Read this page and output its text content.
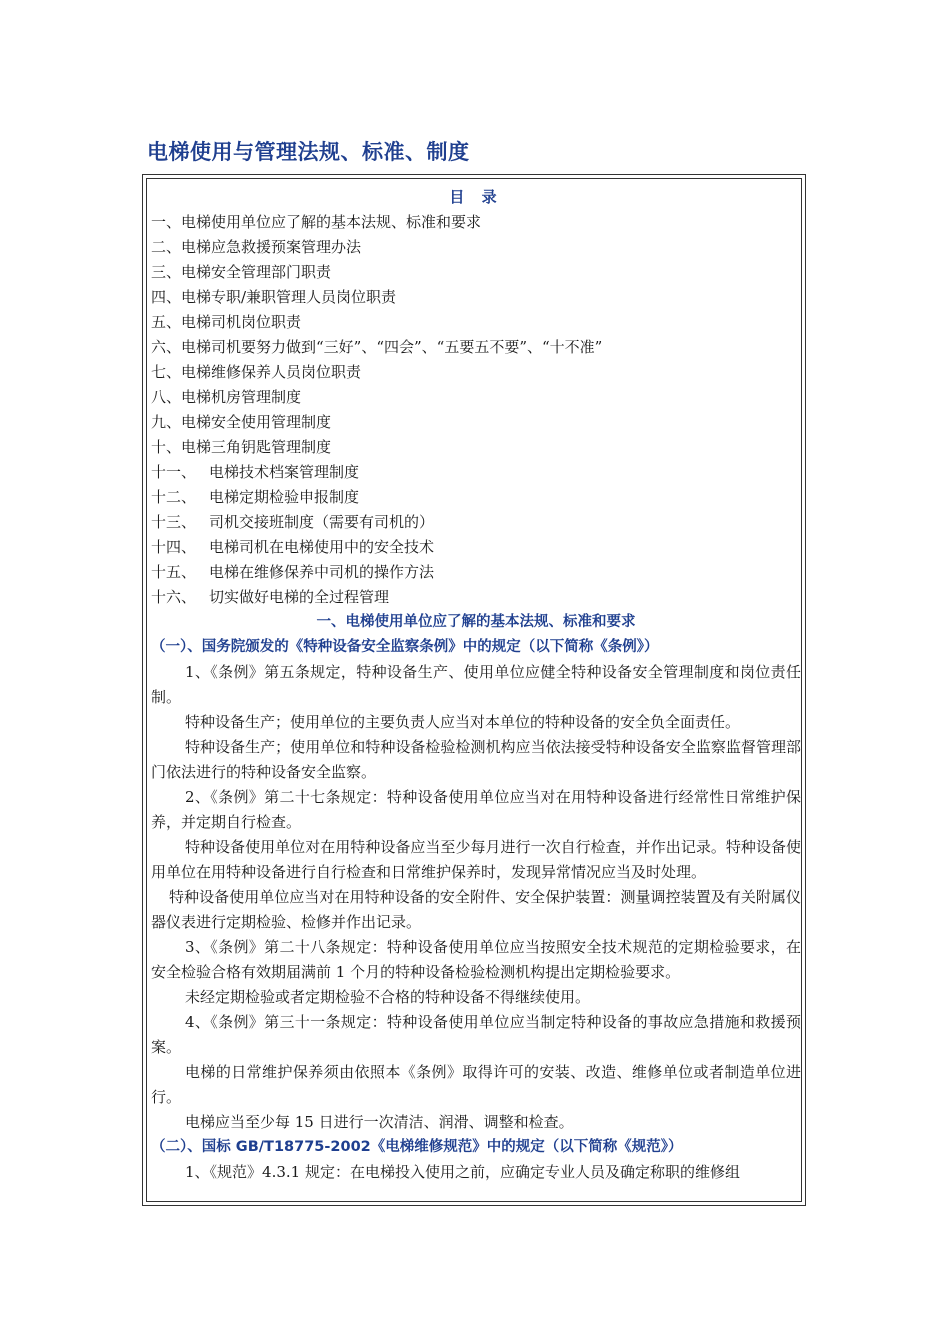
电梯使用与管理法规、标准、制度
目 录
一、电梯使用单位应了解的基本法规、标准和要求
二、电梯应急救援预案管理办法
三、电梯安全管理部门职责
四、电梯专职/兼职管理人员岗位职责
五、电梯司机岗位职责
六、电梯司机要努力做到“三好”、“四会”、“五要五不要”、“十不准”
七、电梯维修保养人员岗位职责
八、电梯机房管理制度
九、电梯安全使用管理制度
十、电梯三角钥匙管理制度
十一、 电梯技术档案管理制度
十二、 电梯定期检验申报制度
十三、 司机交接班制度（需要有司机的）
十四、 电梯司机在电梯使用中的安全技术
十五、 电梯在维修保养中司机的操作方法
十六、 切实做好电梯的全过程管理
一、电梯使用单位应了解的基本法规、标准和要求
（一）、国务院颁发的《特种设备安全监察条例》中的规定（以下简称《条例》）
1、《条例》第五条规定，特种设备生产、使用单位应健全特种设备安全管理制度和岗位责任制。
特种设备生产；使用单位的主要负责人应当对本单位的特种设备的安全负全面责任。
特种设备生产；使用单位和特种设备检验检测机构应当依法接受特种设备安全监察监督管理部门依法进行的特种设备安全监察。
2、《条例》第二十七条规定：特种设备使用单位应当对在用特种设备进行经常性日常维护保养，并定期自行检查。
特种设备使用单位对在用特种设备应当至少每月进行一次自行检查，并作出记录。特种设备使用单位在用特种设备进行自行检查和日常维护保养时，发现异常情况应当及时处理。
特种设备使用单位应当对在用特种设备的安全附件、安全保护装置：测量调控装置及有关附属仪器仪表进行定期检验、检修并作出记录。
3、《条例》第二十八条规定：特种设备使用单位应当按照安全技术规范的定期检验要求，在安全检验合格有效期届满前 1 个月的特种设备检验检测机构提出定期检验要求。
未经定期检验或者定期检验不合格的特种设备不得继续使用。
4、《条例》第三十一条规定：特种设备使用单位应当制定特种设备的事故应急措施和救援预案。
电梯的日常维护保养须由依照本《条例》取得许可的安装、改造、维修单位或者制造单位进行。
电梯应当至少每 15 日进行一次清洁、润滑、调整和检查。
（二）、国标 GB/T18775-2002《电梯维修规范》中的规定（以下简称《规范》）
1、《规范》4.3.1 规定：在电梯投入使用之前，应确定专业人员及确定称职的维修组
